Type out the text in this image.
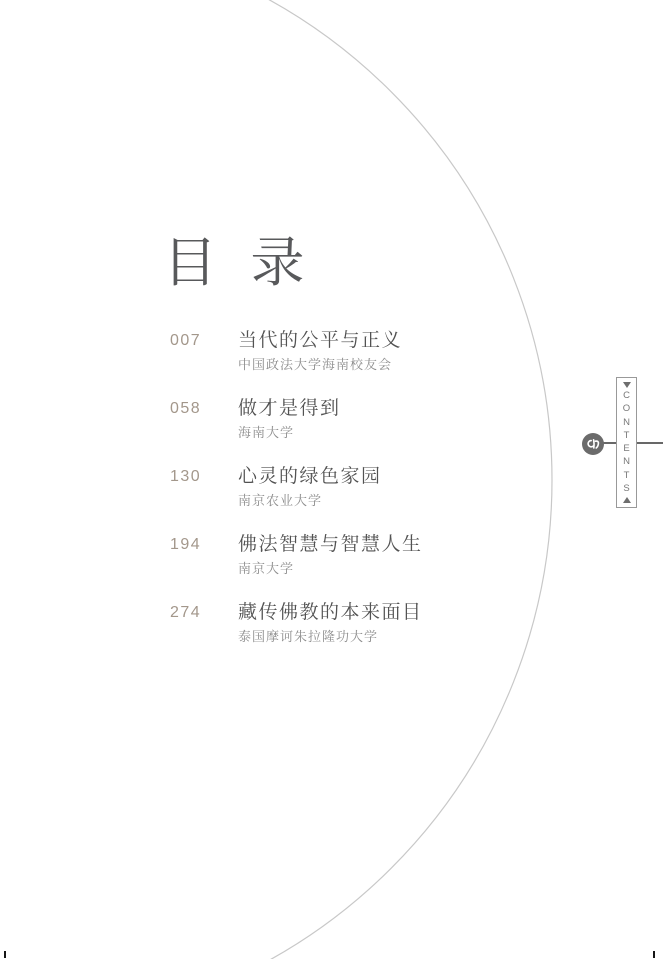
目 录
007	当代的公平与正义
中国政法大学海南校友会
058	做才是得到
海南大学
130	心灵的绿色家园
南京农业大学
194	佛法智慧与智慧人生
南京大学
274	藏传佛教的本来面目
泰国摩诃朱拉隆功大学
C
O
N
T
E
N
T
S
